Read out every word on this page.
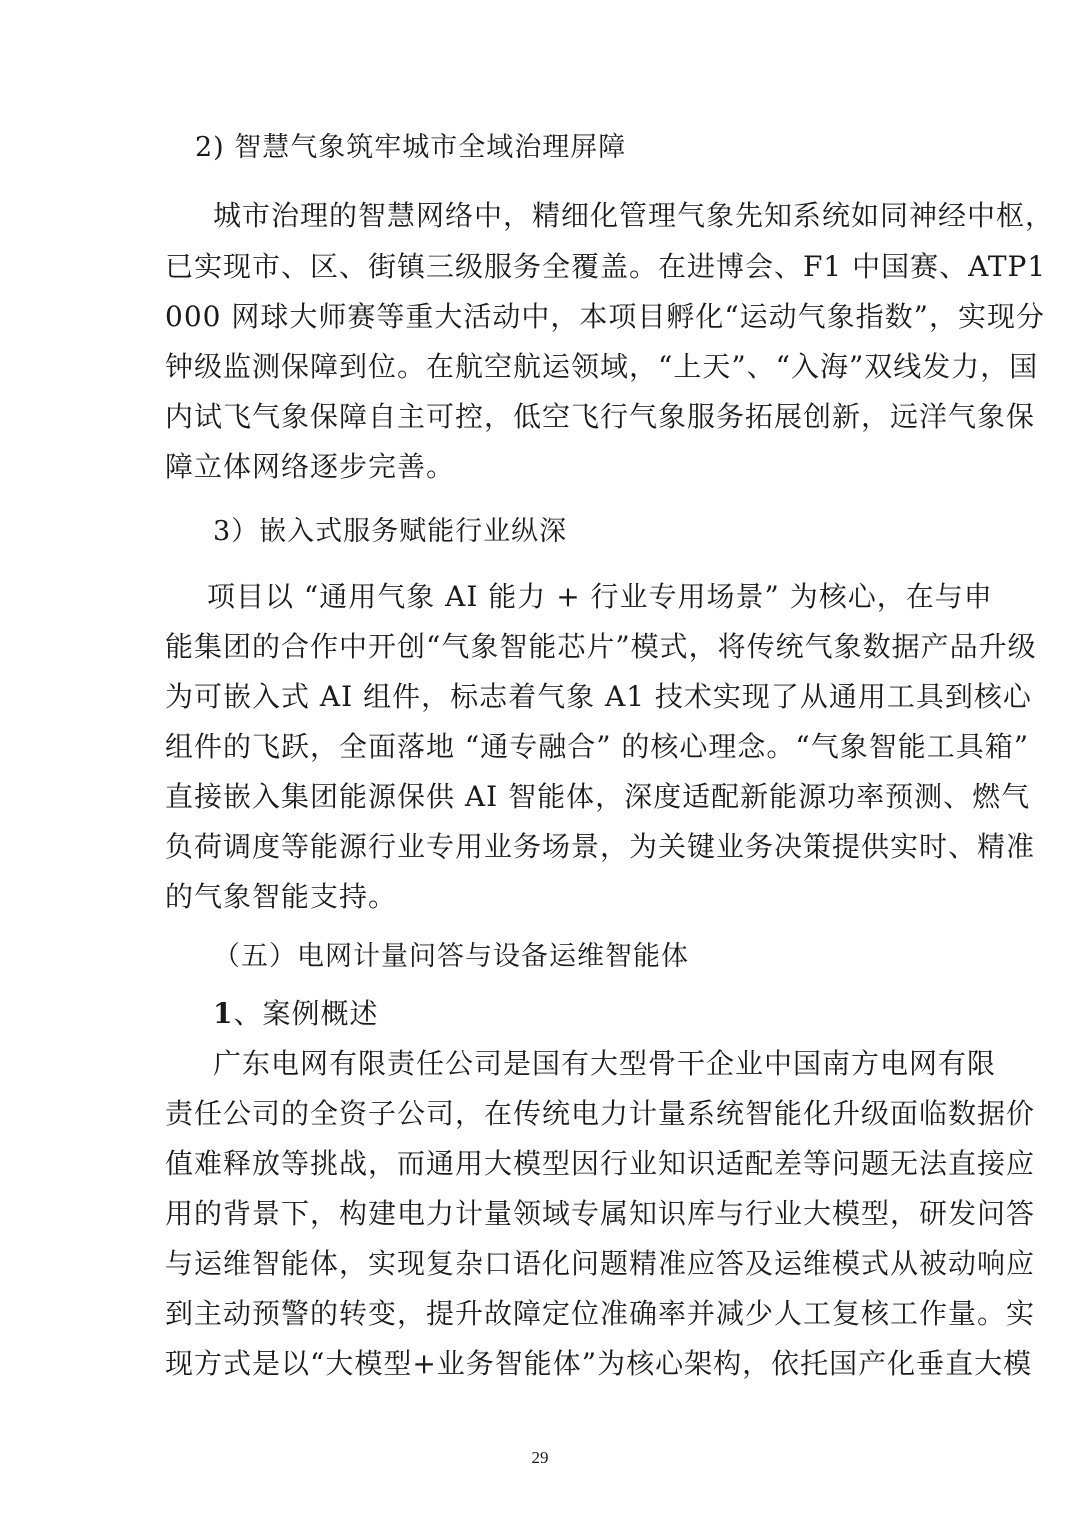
2) 智慧气象筑牢城市全域治理屏障
城市治理的智慧网络中，精细化管理气象先知系统如同神经中枢，
已实现市、区、街镇三级服务全覆盖。在进博会、F1 中国赛、ATP1
000 网球大师赛等重大活动中，本项目孵化“运动气象指数”，实现分
钟级监测保障到位。在航空航运领域，“上天”、“入海”双线发力，国
内试飞气象保障自主可控，低空飞行气象服务拓展创新，远洋气象保
障立体网络逐步完善。
3）嵌入式服务赋能行业纵深
项目以 “通用气象 AI 能力 + 行业专用场景” 为核心，在与申
能集团的合作中开创“气象智能芯片”模式，将传统气象数据产品升级
为可嵌入式 AI 组件，标志着气象 A1 技术实现了从通用工具到核心
组件的飞跃，全面落地 “通专融合” 的核心理念。“气象智能工具箱”
直接嵌入集团能源保供 AI 智能体，深度适配新能源功率预测、燃气
负荷调度等能源行业专用业务场景，为关键业务决策提供实时、精准
的气象智能支持。
（五）电网计量问答与设备运维智能体
1、案例概述
广东电网有限责任公司是国有大型骨干企业中国南方电网有限
责任公司的全资子公司，在传统电力计量系统智能化升级面临数据价
值难释放等挑战，而通用大模型因行业知识适配差等问题无法直接应
用的背景下，构建电力计量领域专属知识库与行业大模型，研发问答
与运维智能体，实现复杂口语化问题精准应答及运维模式从被动响应
到主动预警的转变，提升故障定位准确率并减少人工复核工作量。实
现方式是以“大模型+业务智能体”为核心架构，依托国产化垂直大模
29
